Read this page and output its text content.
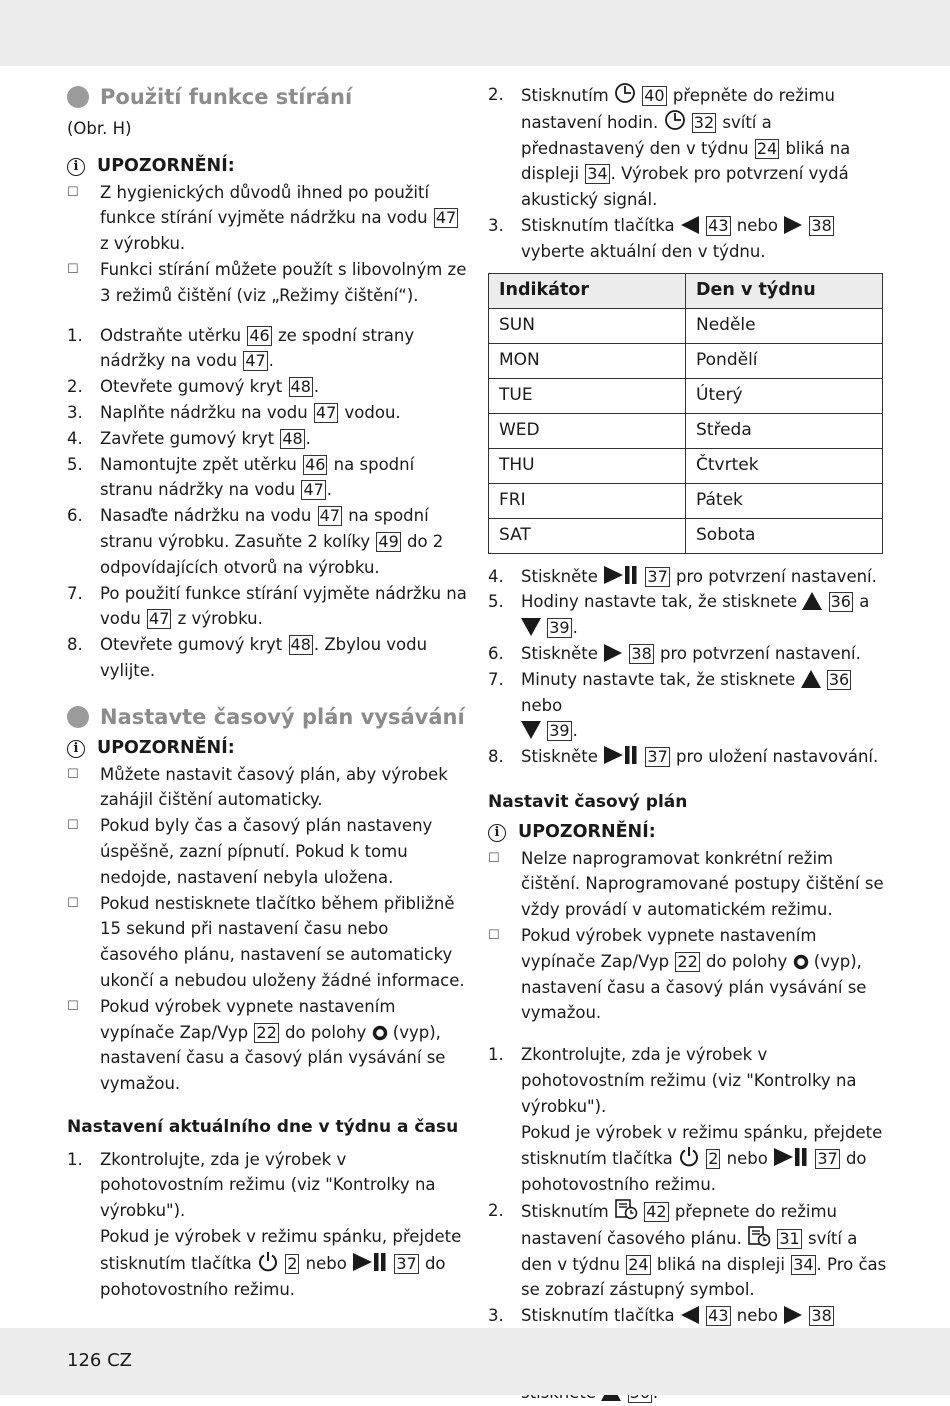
Použití funkce stírání
(Obr. H)
i	UPOZORNĚNÍ:
☐	Z hygienických důvodů ihned po použití funkce stírání vyjměte nádržku na vodu 47 z výrobku.
☐	Funkci stírání můžete použít s libovolným ze 3 režimů čištění (viz „Režimy čištění“).
1.	Odstraňte utěrku 46 ze spodní strany nádržky na vodu 47 .
2.	Otevřete gumový kryt 48 .
3.	Naplňte nádržku na vodu 47 vodou.
4.	Zavřete gumový kryt 48 .
5.	Namontujte zpět utěrku 46 na spodní stranu nádržky na vodu 47 .
6.	Nasaďte nádržku na vodu 47 na spodní stranu výrobku. Zasuňte 2 kolíky 49 do 2 odpovídajících otvorů na výrobku.
7.	Po použití funkce stírání vyjměte nádržku na vodu 47 z výrobku.
8.	Otevřete gumový kryt 48 . Zbylou vodu vylijte.
Nastavte časový plán vysávání
i	UPOZORNĚNÍ:
☐	Můžete nastavit časový plán, aby výrobek zahájil čištění automaticky.
☐	Pokud byly čas a časový plán nastaveny úspěšně, zazní pípnutí. Pokud k tomu nedojde, nastavení nebyla uložena.
☐	Pokud nestisknete tlačítko během přibližně 15 sekund při nastavení času nebo časového plánu, nastavení se automaticky ukončí a nebudou uloženy žádné informace.
☐	Pokud výrobek vypnete nastavením vypínače Zap/Vyp 22 do polohy  (vyp), nastavení času a časový plán vysávání se vymažou.
Nastavení aktuálního dne v týdnu a času
1.	Zkontrolujte, zda je výrobek v pohotovostním režimu (viz "Kontrolky na výrobku").
Pokud je výrobek v režimu spánku, přejdete stisknutím tlačítka  2 nebo	37 do pohotovostního režimu.
2.	Stisknutím  40 přepněte do režimu nastavení hodin.  32 svítí a přednastavený den v týdnu 24 bliká na displeji 34 . Výrobek pro potvrzení vydá akustický signál.
3.	Stisknutím tlačítka  43 nebo  38 vyberte aktuální den v týdnu.
Indikátor	Den v týdnu
SUN	Neděle
MON	Pondělí
TUE	Úterý
WED	Středa
THU	Čtvrtek
FRI	Pátek
SAT	Sobota
4.	Stiskněte	37 pro potvrzení nastavení.
5.	Hodiny nastavte tak, že stisknete  36 a
39 .
6.	Stiskněte  38 pro potvrzení nastavení.
7.	Minuty nastavte tak, že stisknete  36 nebo
39 .
8.	Stiskněte	37 pro uložení nastavování.
Nastavit časový plán
i	UPOZORNĚNÍ:
☐	Nelze naprogramovat konkrétní režim čištění. Naprogramované postupy čištění se vždy provádí v automatickém režimu.
☐	Pokud výrobek vypnete nastavením vypínače Zap/Vyp 22 do polohy  (vyp), nastavení času a časový plán vysávání se vymažou.
1.	Zkontrolujte, zda je výrobek v pohotovostním režimu (viz "Kontrolky na výrobku").
Pokud je výrobek v režimu spánku, přejdete stisknutím tlačítka  2 nebo	37 do pohotovostního režimu.
2.	Stisknutím  42 přepnete do režimu nastavení časového plánu.  31 svítí a den v týdnu 24 bliká na displeji 34 . Pro čas se zobrazí zástupný symbol.
3.	Stisknutím tlačítka  43 nebo  38
126 CZ
